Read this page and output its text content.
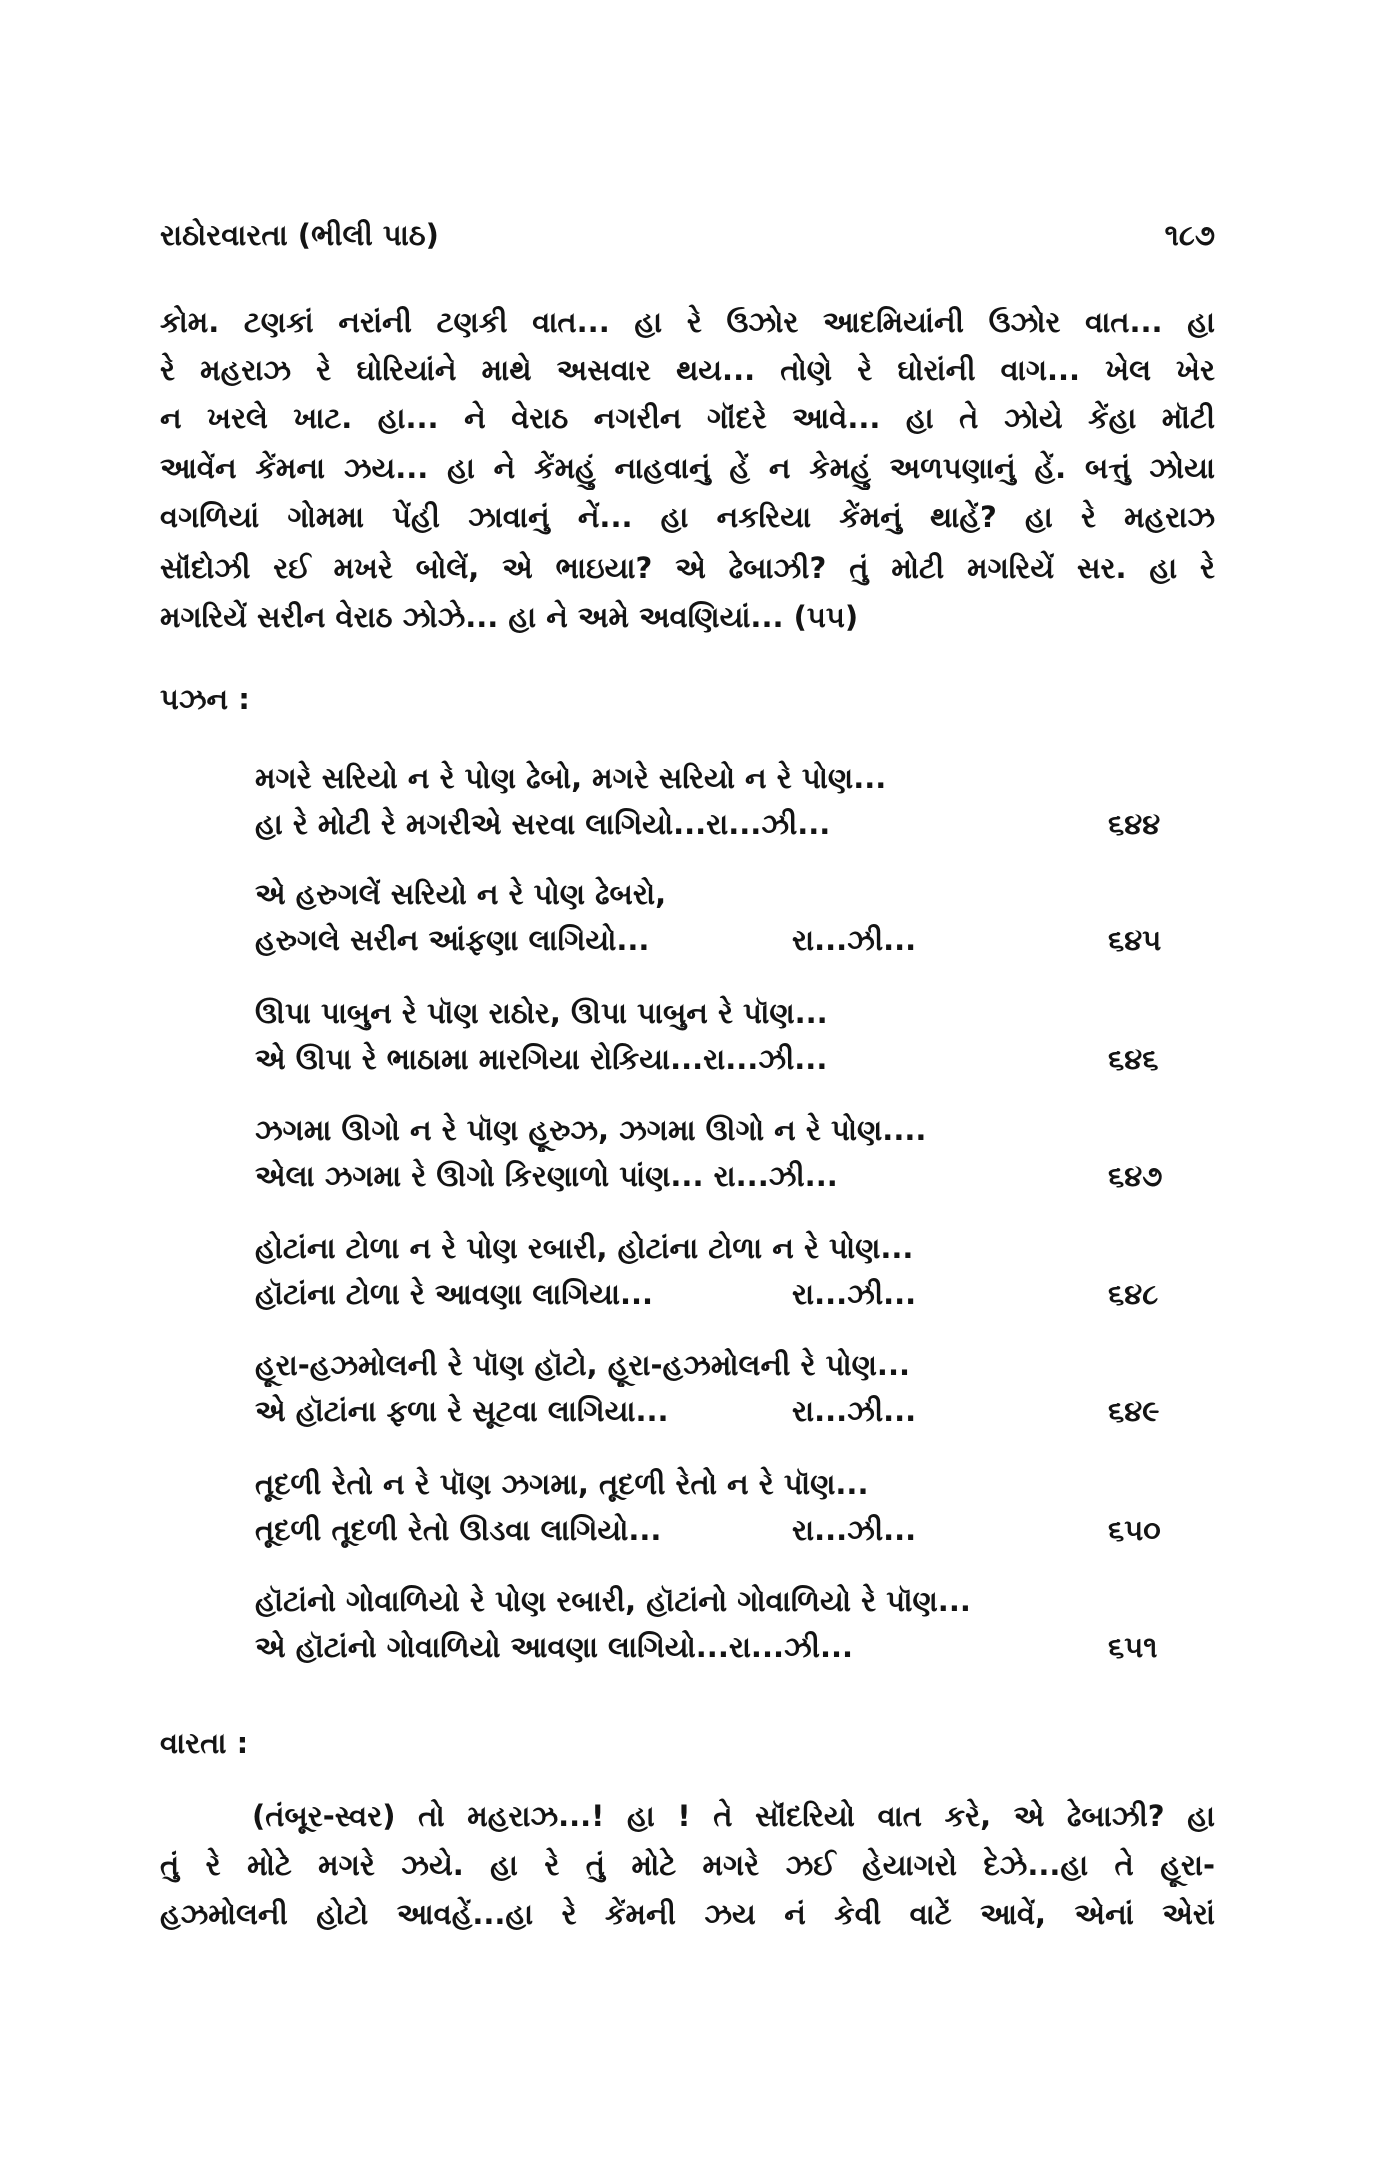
રાઠોરવારતા (ભીલી પાઠ)	૧૮૭
કોમ. ટણકાં નરાંની ટણકી વાત... હા રે ઉઝોર આદમિયાંની ઉઝોર વાત... હા
રે મહરાઝ રે ઘોરિયાંને માથે અસવાર થય... તોણે રે ઘોરાંની વાગ... ખેલ ખેર
ન ખરલે ખાટ. હા... ને વેરાઠ નગરીન ગૉંદરે આવે... હા તે ઝોયે કેંહા મૉટી
આવેંન કેંમના ઝય... હા ને કેંમહું નાહવાનું હેં ન કેમહું અળપણાનું હેં. બત્તું ઝોયા
વગળિયાં ગોમમા પેંહી ઝાવાનું નેં... હા નકરિયા કેંમનું થાહેં? હા રે મહરાઝ
સૉંદોઝી રઈ મખરે બોલેં, એ ભાઇયા? એ ઢેબાઝી? તું મોટી મગરિયેં સર. હા રે
મગરિયેં સરીન વેરાઠ ઝોઝે... હા ને અમે અવણિયાં... (૫૫)
પઝન :
મગરે સરિયો ન રે પોણ ઢેબો, મગરે સરિયો ન રે પોણ...
હા રે મોટી રે મગરીએ સરવા લાગિયો...રા...ઝી...	૬૪૪
એ હરુગલેં સરિયો ન રે પોણ ઢેબરો,
હરુગલે સરીન આંફણા લાગિયો...	રા...ઝી...	૬૪૫
ઊપા પાબુન રે પૉણ રાઠોર, ઊપા પાબુન રે પૉણ...
એ ઊપા રે ભાઠામા મારગિયા રોકિયા...રા...ઝી...	૬૪૬
ઝગમા ઊગો ન રે પૉણ હૂરુઝ, ઝગમા ઊગો ન રે પોણ....
એલા ઝગમા રે ઊગો કિરણાળો પાંણ... રા...ઝી...	૬૪૭
હોટાંના ટોળા ન રે પોણ રબારી, હોટાંના ટોળા ન રે પોણ...
હૉટાંના ટોળા રે આવણા લાગિયા...	રા...ઝી...	૬૪૮
હૂરા-હઝમોલની રે પૉણ હૉટો, હૂરા-હઝમોલની રે પોણ...
એ હૉટાંના ફળા રે સૂટવા લાગિયા...	રા...ઝી...	૬૪૯
તૂદળી રેતો ન રે પૉણ ઝગમા, તૂદળી રેતો ન રે પૉણ...
તૂદળી તૂદળી રેતો ઊડવા લાગિયો...	રા...ઝી...	૬૫૦
હૉટાંનો ગોવાળિયો રે પોણ રબારી, હૉટાંનો ગોવાળિયો રે પૉણ...
એ હૉટાંનો ગોવાળિયો આવણા લાગિયો...રા...ઝી...	૬૫૧
વારતા :
(તંબૂર-સ્વર) તો મહરાઝ...! હા ! તે સૉંદરિયો વાત કરે, એ ઢેબાઝી? હા
તું રે મોટે મગરે ઝયે. હા રે તું મોટે મગરે ઝઈ હેયાગરો દેઝે...હા તે હૂરા-
હઝમોલની હોટો આવહેં...હા રે કેંમની ઝય નં કેવી વાટેં આવેં, એનાં એરાં
